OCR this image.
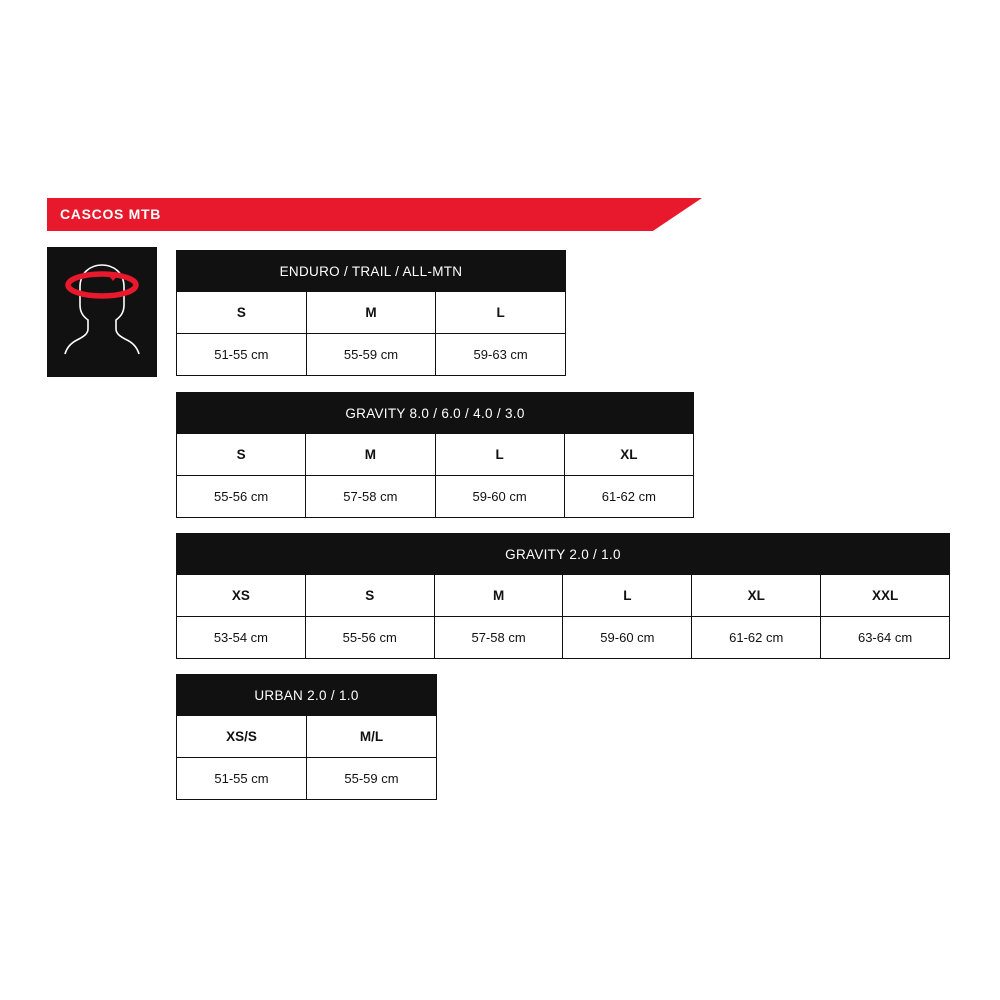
CASCOS MTB
ENDURO / TRAIL / ALL-MTN		
S	M	L
51-55 cm	55-59 cm	59-63 cm
GRAVITY 8.0 / 6.0 / 4.0 / 3.0			
S	M	L	XL
55-56 cm	57-58 cm	59-60 cm	61-62 cm
GRAVITY 2.0 / 1.0					
XS	S	M	L	XL	XXL
53-54 cm	55-56 cm	57-58 cm	59-60 cm	61-62 cm	63-64 cm
URBAN 2.0 / 1.0	
XS/S	M/L
51-55 cm	55-59 cm
